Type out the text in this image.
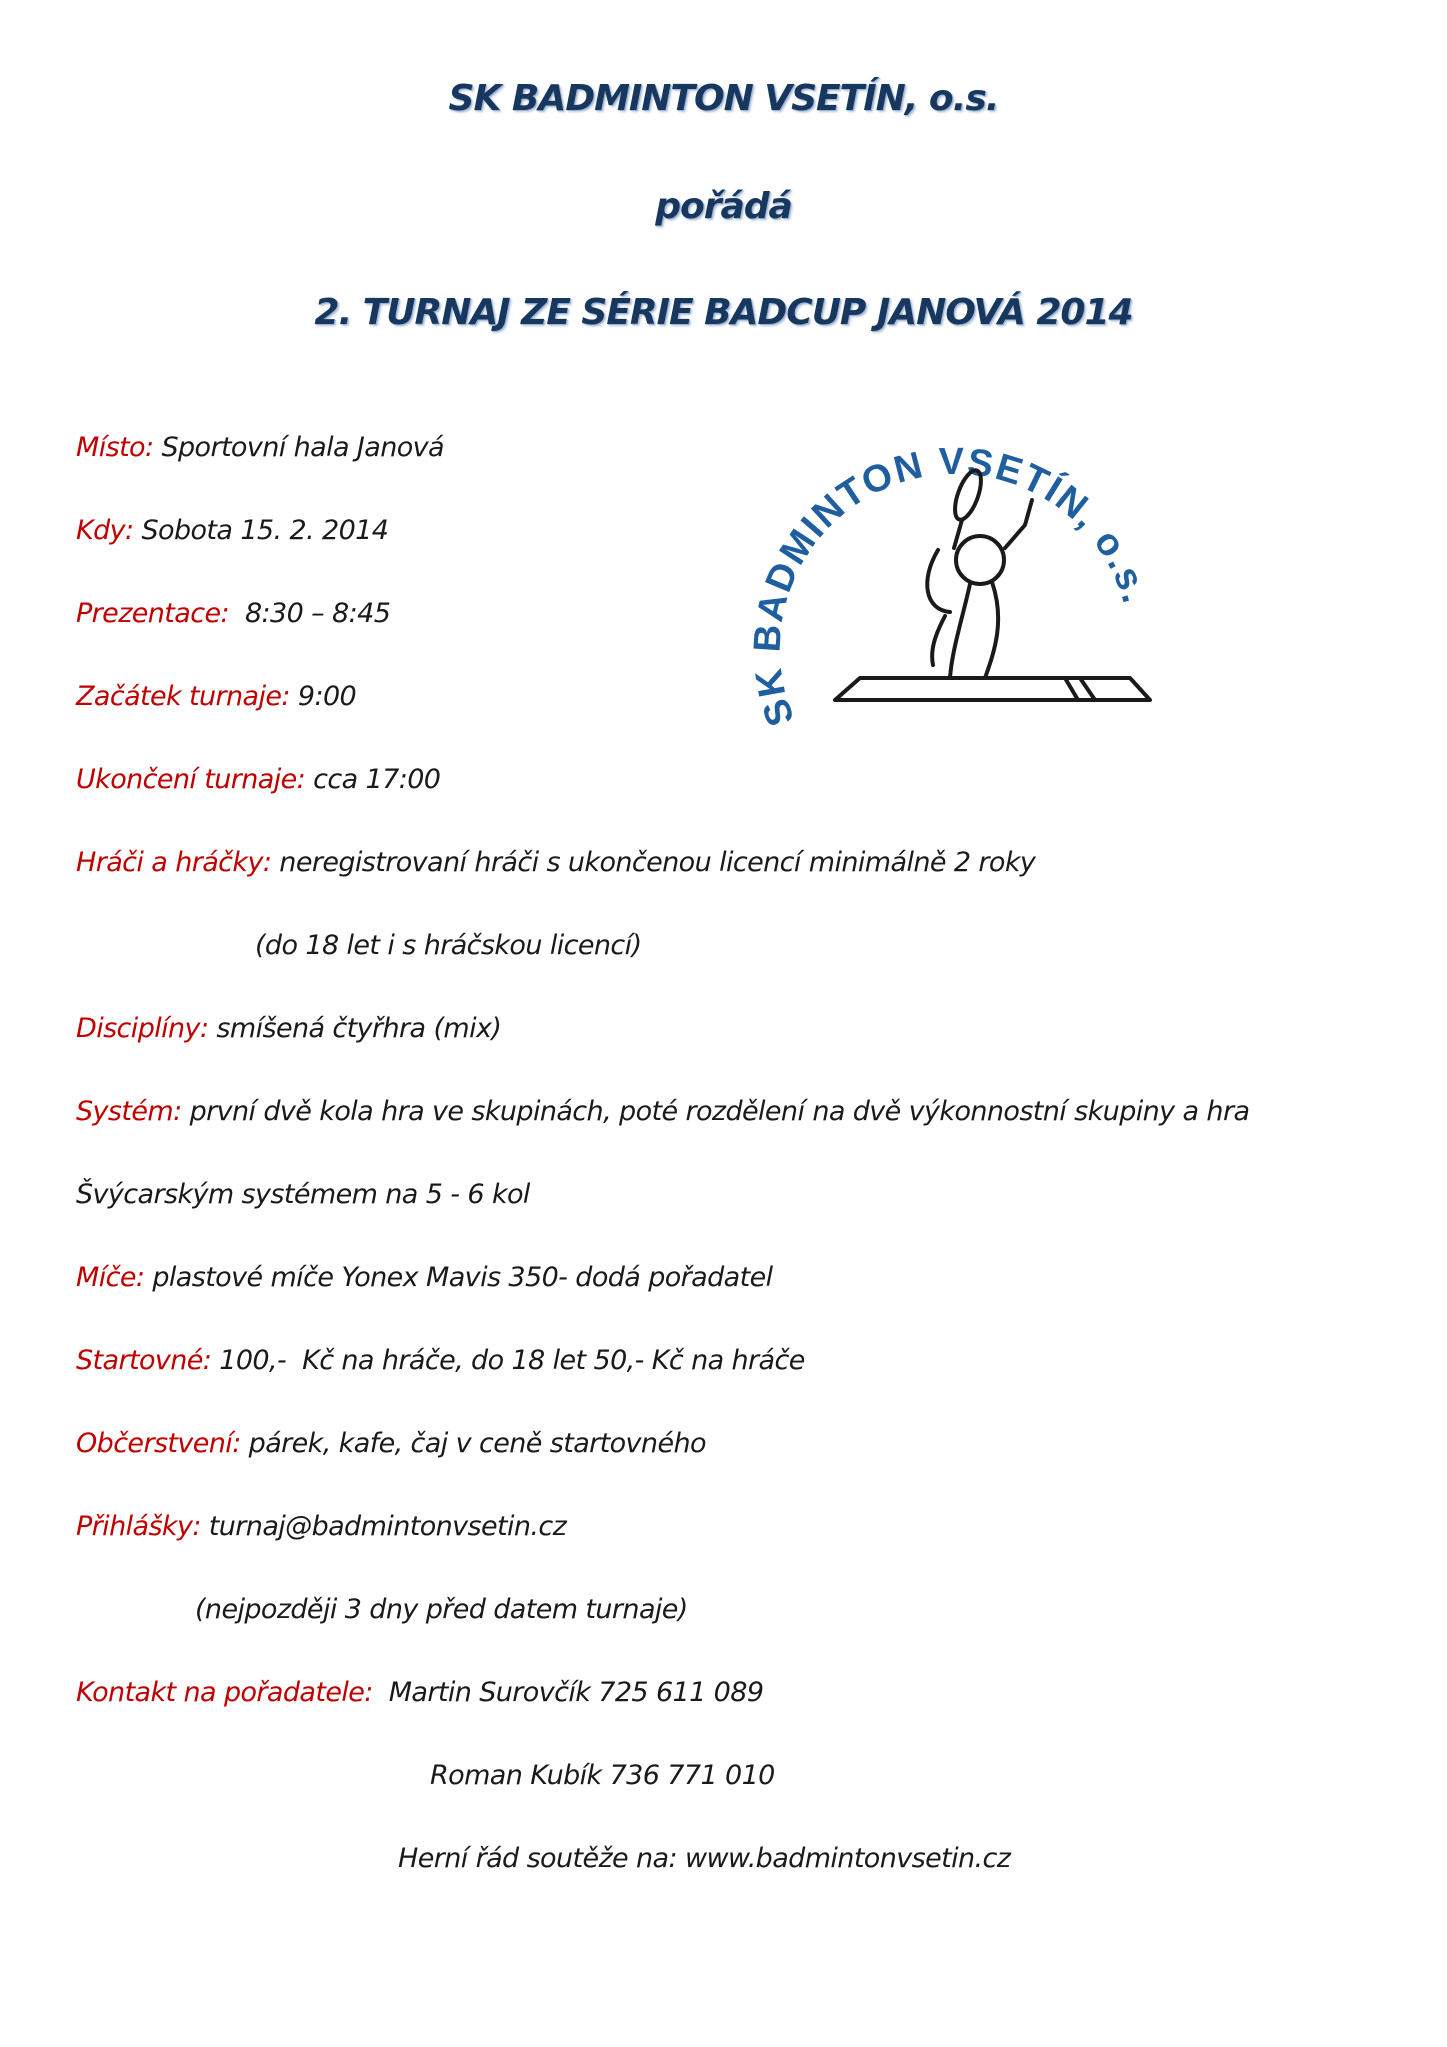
SK BADMINTON VSETÍN, o.s.
pořádá
2. TURNAJ ZE SÉRIE BADCUP JANOVÁ 2014
SK BADMINTON VSETÍN, o.s.
Místo: Sportovní hala Janová
Kdy: Sobota 15. 2. 2014
Prezentace:  8:30 – 8:45
Začátek turnaje: 9:00
Ukončení turnaje: cca 17:00
Hráči a hráčky: neregistrovaní hráči s ukončenou licencí minimálně 2 roky
(do 18 let i s hráčskou licencí)
Disciplíny: smíšená čtyřhra (mix)
Systém: první dvě kola hra ve skupinách, poté rozdělení na dvě výkonnostní skupiny a hra
Švýcarským systémem na 5 - 6 kol
Míče: plastové míče Yonex Mavis 350- dodá pořadatel
Startovné: 100,-  Kč na hráče, do 18 let 50,- Kč na hráče
Občerstvení: párek, kafe, čaj v ceně startovného
Přihlášky: turnaj@badmintonvsetin.cz
(nejpozději 3 dny před datem turnaje)
Kontakt na pořadatele:  Martin Surovčík 725 611 089
Roman Kubík 736 771 010
Herní řád soutěže na: www.badmintonvsetin.cz
